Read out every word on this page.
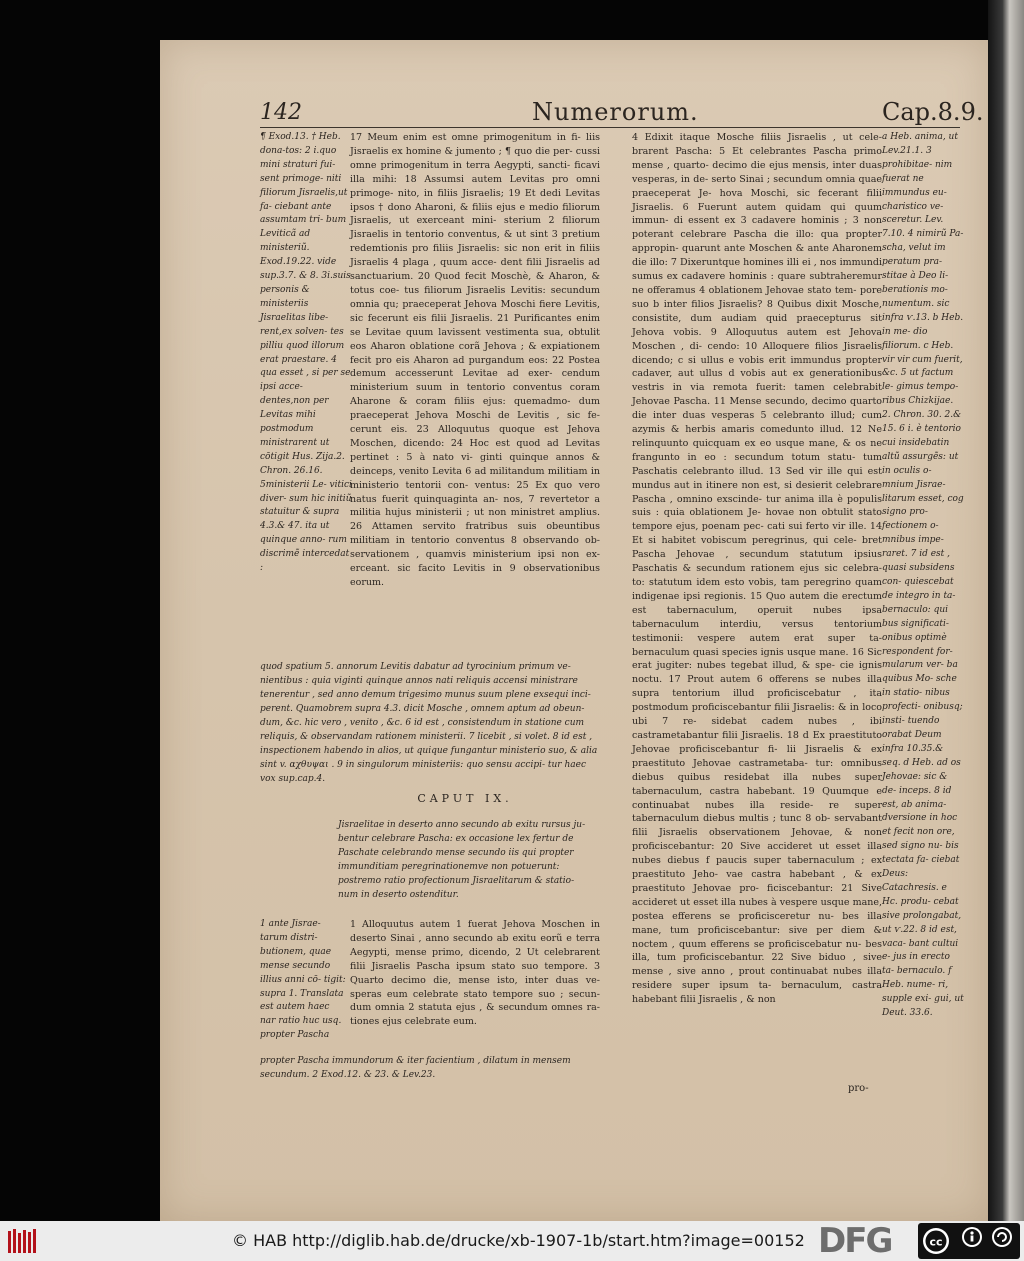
142	Numerorum.	Cap.8.9.
¶ Exod.13. † Heb. dona-tos: 2 i.quo mini straturi fui- sent primoge- niti filiorum Jisraelis,ut fa- ciebant ante assumtam tri- bum Leviticã ad ministeriũ. Exod.19.22. vide sup.3.7. & 8. 3i.suis personis & ministeriis Jisraelitas libe- rent,ex solven- tes pilliu quod illorum erat praestare. 4 qua esset , si per se ipsi acce- dentes,non per Levitas mihi postmodum ministrarent ut cōtigit Hus. Zija.2. Chron. 26.16. 5ministerii Le- vitici diver- sum hic initiũ statuitur & supra 4.3.& 47. ita ut quinque anno- rum discrimẽ intercedat :
17 Meum enim est omne primogenitum in fi- liis Jisraelis ex homine & jumento ; ¶ quo die per- cussi omne primogenitum in terra Aegypti, sancti- ficavi illa mihi: 18 Assumsi autem Levitas pro omni primoge- nito, in filiis Jisraelis; 19 Et dedi Levitas ipsos † dono Aharoni, & filiis ejus e medio filiorum Jisraelis, ut exerceant mini- sterium 2 filiorum Jisraelis in tentorio conventus, & ut sint 3 pretium redemtionis pro filiis Jisraelis: sic non erit in filiis Jisraelis 4 plaga , quum acce- dent filii Jisraelis ad sanctuarium. 20 Quod fecit Moschè, & Aharon, & totus coe- tus filiorum Jisraelis Levitis: secundum omnia qu; praeceperat Jehova Moschi fiere Levitis, sic fecerunt eis filii Jisraelis. 21 Purificantes enim se Levitae quum lavissent vestimenta sua, obtulit eos Aharon oblatione corã Jehova ; & expiationem fecit pro eis Aharon ad purgandum eos: 22 Postea demum accesserunt Levitae ad exer- cendum ministerium suum in tentorio conventus coram Aharone & coram filiis ejus: quemadmo- dum praeceperat Jehova Moschi de Levitis , sic fe- cerunt eis. 23 Alloquutus quoque est Jehova Moschen, dicendo: 24 Hoc est quod ad Levitas pertinet : 5 à nato vi- ginti quinque annos & deinceps, venito Levita 6 ad militandum militiam in ministerio tentorii con- ventus: 25 Ex quo vero natus fuerit quinquaginta an- nos, 7 revertetor a militia hujus ministerii ; ut non ministret amplius. 26 Attamen servito fratribus suis obeuntibus militiam in tentorio conventus 8 observando ob- servationem , quamvis ministerium ipsi non ex- erceant. sic facito Levitis in 9 observationibus eorum.
quod spatium 5. annorum Levitis dabatur ad tyrocinium primum ve- nientibus : quia viginti quinque annos nati reliquis accensi ministrare tenerentur , sed anno demum trigesimo munus suum plene exsequi inci- perent. Quamobrem supra 4.3. dicit Mosche , omnem aptum ad obeun- dum, &c. hic vero , venito , &c. 6 id est , consistendum in statione cum reliquis, & observandam rationem ministerii. 7 licebit , si volet. 8 id est , inspectionem habendo in alios, ut quique fungantur ministerio suo, & alia sint v. αχθυψαι . 9 in singulorum ministeriis: quo sensu accipi- tur haec vox sup.cap.4.
CAPUT IX.
Jisraelitae in deserto anno secundo ab exitu rursus ju- bentur celebrare Pascha: ex occasione lex fertur de Paschate celebrando mense secundo iis qui propter immunditiam peregrinationemve non potuerunt: postremo ratio profectionum Jisraelitarum & statio- num in deserto ostenditur.
1 ante Jisrae- tarum distri- butionem, quae mense secundo illius anni cō- tigit: supra 1. Translata est autem haec nar ratio huc usq. propter Pascha
1 Alloquutus autem 1 fuerat Jehova Moschen in deserto Sinai , anno secundo ab exitu eorũ e terra Aegypti, mense primo, dicendo, 2 Ut celebrarent filii Jisraelis Pascha ipsum stato suo tempore. 3 Quarto decimo die, mense isto, inter duas ve- speras eum celebrate stato tempore suo ; secun- dum omnia 2 statuta ejus , & secundum omnes ra- tiones ejus celebrate eum.
propter Pascha immundorum & iter facientium , dilatum in mensem secundum. 2 Exod.12. & 23. & Lev.23.
4 Edixit itaque Mosche filiis Jisraelis , ut cele- brarent Pascha: 5 Et celebrantes Pascha primo mense , quarto- decimo die ejus mensis, inter duas vesperas, in de- serto Sinai ; secundum omnia quae praeceperat Je- hova Moschi, sic fecerant filii Jisraelis. 6 Fuerunt autem quidam qui quum immun- di essent ex 3 cadavere hominis ; 3 non poterant celebrare Pascha die illo: qua propter appropin- quarunt ante Moschen & ante Aharonem die illo: 7 Dixeruntque homines illi ei , nos immundi sumus ex cadavere hominis : quare subtraheremur ne offeramus 4 oblationem Jehovae stato tem- pore suo b inter filios Jisraelis? 8 Quibus dixit Mosche, consistite, dum audiam quid praecepturus sit Jehova vobis. 9 Alloquutus autem est Jehova Moschen , di- cendo: 10 Alloquere filios Jisraelis dicendo; c si ullus e vobis erit immundus propter cadaver, aut ullus d vobis aut ex generationibus vestris in via remota fuerit: tamen celebrabit Jehovae Pascha. 11 Mense secundo, decimo quarto die inter duas vesperas 5 celebranto illud; cum azymis & herbis amaris comedunto illud. 12 Ne relinquunto quicquam ex eo usque mane, & os ne frangunto in eo : secundum totum statu- tum Paschatis celebranto illud. 13 Sed vir ille qui est mundus aut in itinere non est, si desierit celebrare Pascha , omnino exscinde- tur anima illa è populis suis : quia oblationem Je- hovae non obtulit stato tempore ejus, poenam pec- cati sui ferto vir ille. 14 Et si habitet vobiscum peregrinus, qui cele- bret Pascha Jehovae , secundum statutum ipsius Paschatis & secundum rationem ejus sic celebra- to: statutum idem esto vobis, tam peregrino quam indigenae ipsi regionis. 15 Quo autem die erectum est tabernaculum, operuit nubes ipsa tabernaculum interdiu, versus tentorium testimonii: vespere autem erat super ta- bernaculum quasi species ignis usque mane. 16 Sic erat jugiter: nubes tegebat illud, & spe- cie ignis noctu. 17 Prout autem 6 offerens se nubes illa supra tentorium illud proficiscebatur , ita postmodum proficiscebantur filii Jisraelis: & in loco ubi 7 re- sidebat cadem nubes , ibi castrametabantur filii Jisraelis. 18 d Ex praestituto Jehovae proficiscebantur fi- lii Jisraelis & ex praestituto Jehovae castrametaba- tur: omnibus diebus quibus residebat illa nubes super tabernaculum, castra habebant. 19 Quumque e continuabat nubes illa reside- re super tabernaculum diebus multis ; tunc 8 ob- servabant filii Jisraelis observationem Jehovae, & non proficiscebantur: 20 Sive accideret ut esset illa nubes diebus f paucis super tabernaculum ; ex praestituto Jeho- vae castra habebant , & ex praestituto Jehovae pro- ficiscebantur: 21 Sive accideret ut esset illa nubes à vespere usque mane, postea efferens se proficisceretur nu- bes illa mane, tum proficiscebantur: sive per diem & noctem , quum efferens se proficiscebatur nu- bes illa, tum proficiscebantur. 22 Sive biduo , sive mense , sive anno , prout continuabat nubes illa residere super ipsum ta- bernaculum, castra habebant filii Jisraelis , & non
a Heb. anima, ut Lev.21.1. 3 prohibitae- nim fuerat ne immundus eu- charistico ve- sceretur. Lev. 7.10. 4 nimirũ Pa- scha, velut im peratum pra- stitae à Deo li- berationis mo- numentum. sic infra ѵ.13. b Heb. in me- dio filiorum. c Heb. vir vir cum fuerit, &c. 5 ut factum le- gimus tempo- ribus Chizkijae. 2. Chron. 30. 2.& 15. 6 i. è tentorio cui insidebatin altũ assurgẽs: ut in oculis o- mnium Jisrae- litarum esset, cog signo pro- fectionem o- mnibus impe- raret. 7 id est , quasi subsidens con- quiescebat de integro in ta- bernaculo: qui bus significati- onibus optimè respondent for- mularum ver- ba quibus Mo- sche in statio- nibus profecti- onibusq; insti- tuendo orabat Deum infra 10.35.& seq. d Heb. ad os Jehovae: sic & de- inceps. 8 id est, ab anima- dversione in hoc et fecit non ore, sed signo nu- bis tectata fa- ciebat Deus: Catachresis. e Hc. produ- cebat sive prolongabat, ut ѵ.22. 8 id est, vaca- bant cultui e- jus in erecto ta- bernaculo. f Heb. nume- ri, supple exi- gui, ut Deut. 33.6.
pro-
© HAB http://diglib.hab.de/drucke/xb-1907-1b/start.htm?image=00152 DFG	cc
